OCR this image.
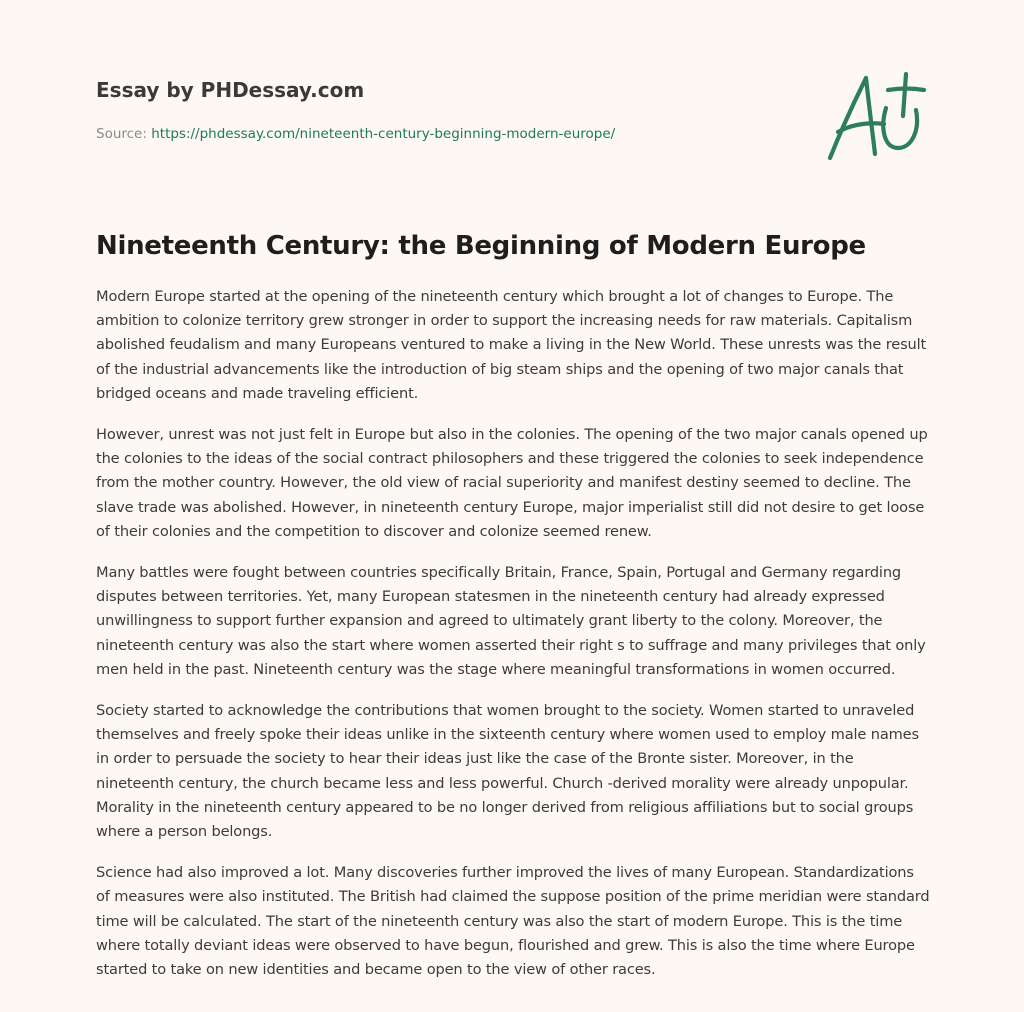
Essay by PHDessay.com
Source: https://phdessay.com/nineteenth-century-beginning-modern-europe/
Nineteenth Century: the Beginning of Modern Europe

Modern Europe started at the opening of the nineteenth century which brought a lot of changes to Europe. The ambition to colonize territory grew stronger in order to support the increasing needs for raw materials. Capitalism abolished feudalism and many Europeans ventured to make a living in the New World. These unrests was the result of the industrial advancements like the introduction of big steam ships and the opening of two major canals that bridged oceans and made traveling efficient.

However, unrest was not just felt in Europe but also in the colonies. The opening of the two major canals opened up the colonies to the ideas of the social contract philosophers and these triggered the colonies to seek independence from the mother country. However, the old view of racial superiority and manifest destiny seemed to decline. The slave trade was abolished. However, in nineteenth century Europe, major imperialist still did not desire to get loose of their colonies and the competition to discover and colonize seemed renew.

Many battles were fought between countries specifically Britain, France, Spain, Portugal and Germany regarding disputes between territories. Yet, many European statesmen in the nineteenth century had already expressed unwillingness to support further expansion and agreed to ultimately grant liberty to the colony. Moreover, the nineteenth century was also the start where women asserted their right s to suffrage and many privileges that only men held in the past. Nineteenth century was the stage where meaningful transformations in women occurred.

Society started to acknowledge the contributions that women brought to the society. Women started to unraveled themselves and freely spoke their ideas unlike in the sixteenth century where women used to employ male names in order to persuade the society to hear their ideas just like the case of the Bronte sister. Moreover, in the nineteenth century, the church became less and less powerful. Church -derived morality were already unpopular. Morality in the nineteenth century appeared to be no longer derived from religious affiliations but to social groups where a person belongs.

Science had also improved a lot. Many discoveries further improved the lives of many European. Standardizations of measures were also instituted. The British had claimed the suppose position of the prime meridian were standard time will be calculated. The start of the nineteenth century was also the start of modern Europe. This is the time where totally deviant ideas were observed to have begun, flourished and grew. This is also the time where Europe started to take on new identities and became open to the view of other races.
